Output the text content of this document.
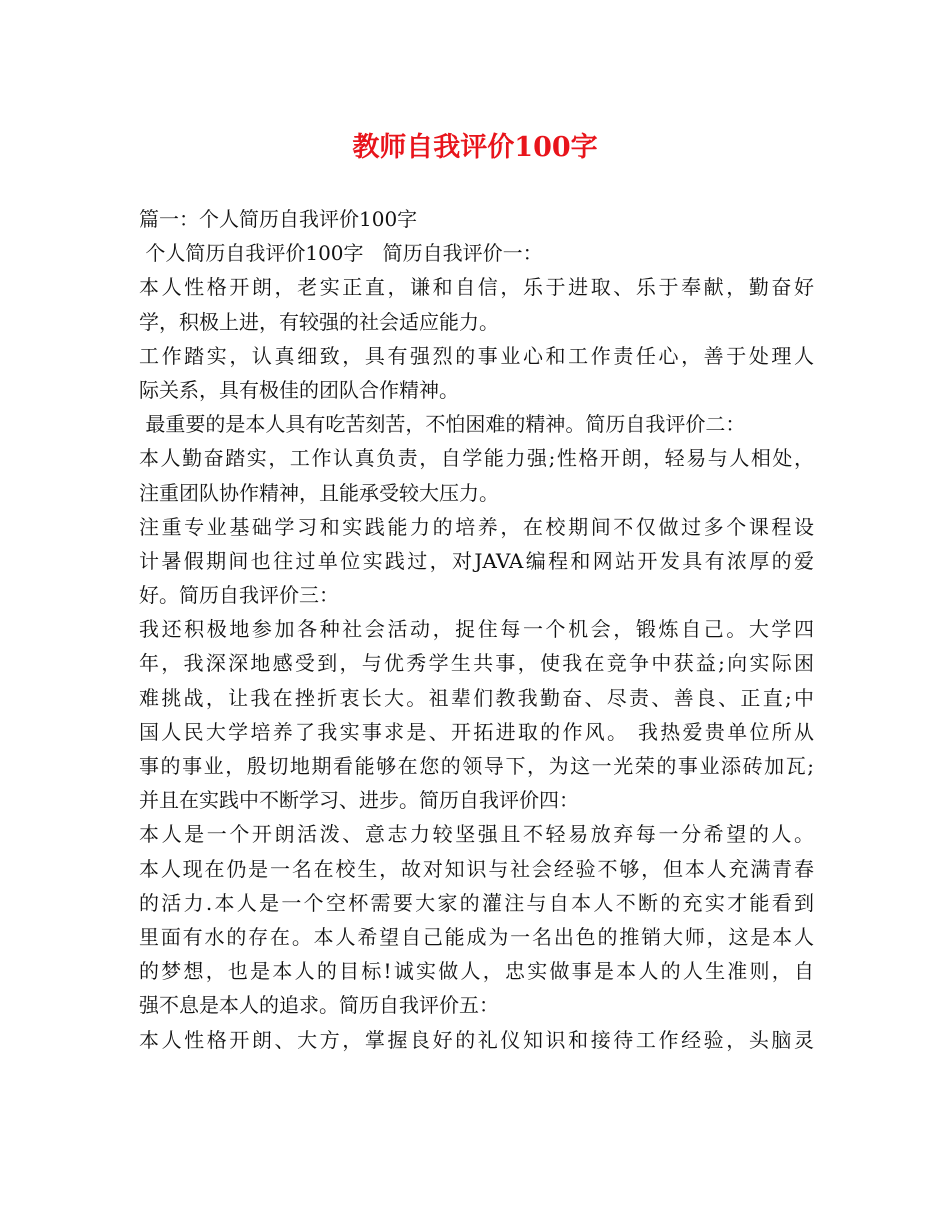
教师自我评价100字
篇一：个人简历自我评价100字
个人简历自我评价100字   简历自我评价一：
本人性格开朗，老实正直，谦和自信，乐于进取、乐于奉献，勤奋好
学，积极上进，有较强的社会适应能力。
工作踏实，认真细致，具有强烈的事业心和工作责任心，善于处理人
际关系，具有极佳的团队合作精神。
最重要的是本人具有吃苦刻苦，不怕困难的精神。简历自我评价二：
本人勤奋踏实，工作认真负责，自学能力强;性格开朗，轻易与人相处，
注重团队协作精神，且能承受较大压力。
注重专业基础学习和实践能力的培养，在校期间不仅做过多个课程设
计暑假期间也往过单位实践过，对JAVA编程和网站开发具有浓厚的爱
好。简历自我评价三：
我还积极地参加各种社会活动，捉住每一个机会，锻炼自己。大学四
年，我深深地感受到，与优秀学生共事，使我在竞争中获益;向实际困
难挑战，让我在挫折衷长大。祖辈们教我勤奋、尽责、善良、正直;中
国人民大学培养了我实事求是、开拓进取的作风。 我热爱贵单位所从
事的事业，殷切地期看能够在您的领导下，为这一光荣的事业添砖加瓦;
并且在实践中不断学习、进步。简历自我评价四：
本人是一个开朗活泼、意志力较坚强且不轻易放弃每一分希望的人。
本人现在仍是一名在校生，故对知识与社会经验不够，但本人充满青春
的活力.本人是一个空杯需要大家的灌注与自本人不断的充实才能看到
里面有水的存在。本人希望自己能成为一名出色的推销大师，这是本人
的梦想，也是本人的目标!诚实做人，忠实做事是本人的人生准则，自
强不息是本人的追求。简历自我评价五：
本人性格开朗、大方，掌握良好的礼仪知识和接待工作经验，头脑灵
